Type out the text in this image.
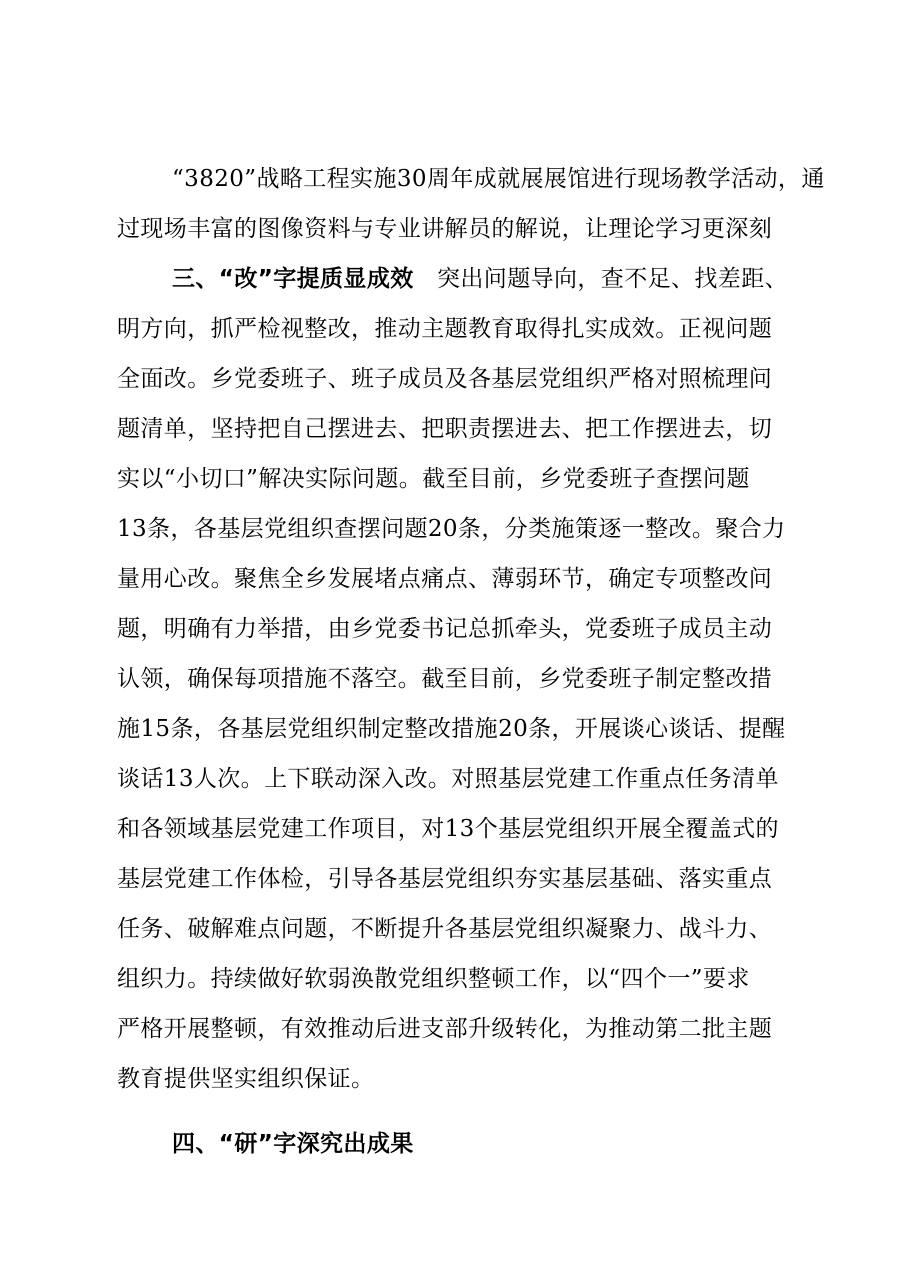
“3820”战略工程实施30周年成就展展馆进行现场教学活动，通
过现场丰富的图像资料与专业讲解员的解说，让理论学习更深刻
三、“改”字提质显成效 突出问题导向，查不足、找差距、
明方向，抓严检视整改，推动主题教育取得扎实成效。正视问题
全面改。乡党委班子、班子成员及各基层党组织严格对照梳理问
题清单，坚持把自己摆进去、把职责摆进去、把工作摆进去，切
实以“小切口”解决实际问题。截至目前，乡党委班子查摆问题
13条，各基层党组织查摆问题20条，分类施策逐一整改。聚合力
量用心改。聚焦全乡发展堵点痛点、薄弱环节，确定专项整改问
题，明确有力举措，由乡党委书记总抓牵头，党委班子成员主动
认领，确保每项措施不落空。截至目前，乡党委班子制定整改措
施15条，各基层党组织制定整改措施20条，开展谈心谈话、提醒
谈话13人次。上下联动深入改。对照基层党建工作重点任务清单
和各领域基层党建工作项目，对13个基层党组织开展全覆盖式的
基层党建工作体检，引导各基层党组织夯实基层基础、落实重点
任务、破解难点问题，不断提升各基层党组织凝聚力、战斗力、
组织力。持续做好软弱涣散党组织整顿工作，以“四个一”要求
严格开展整顿，有效推动后进支部升级转化，为推动第二批主题
教育提供坚实组织保证。
四、“研”字深究出成果
